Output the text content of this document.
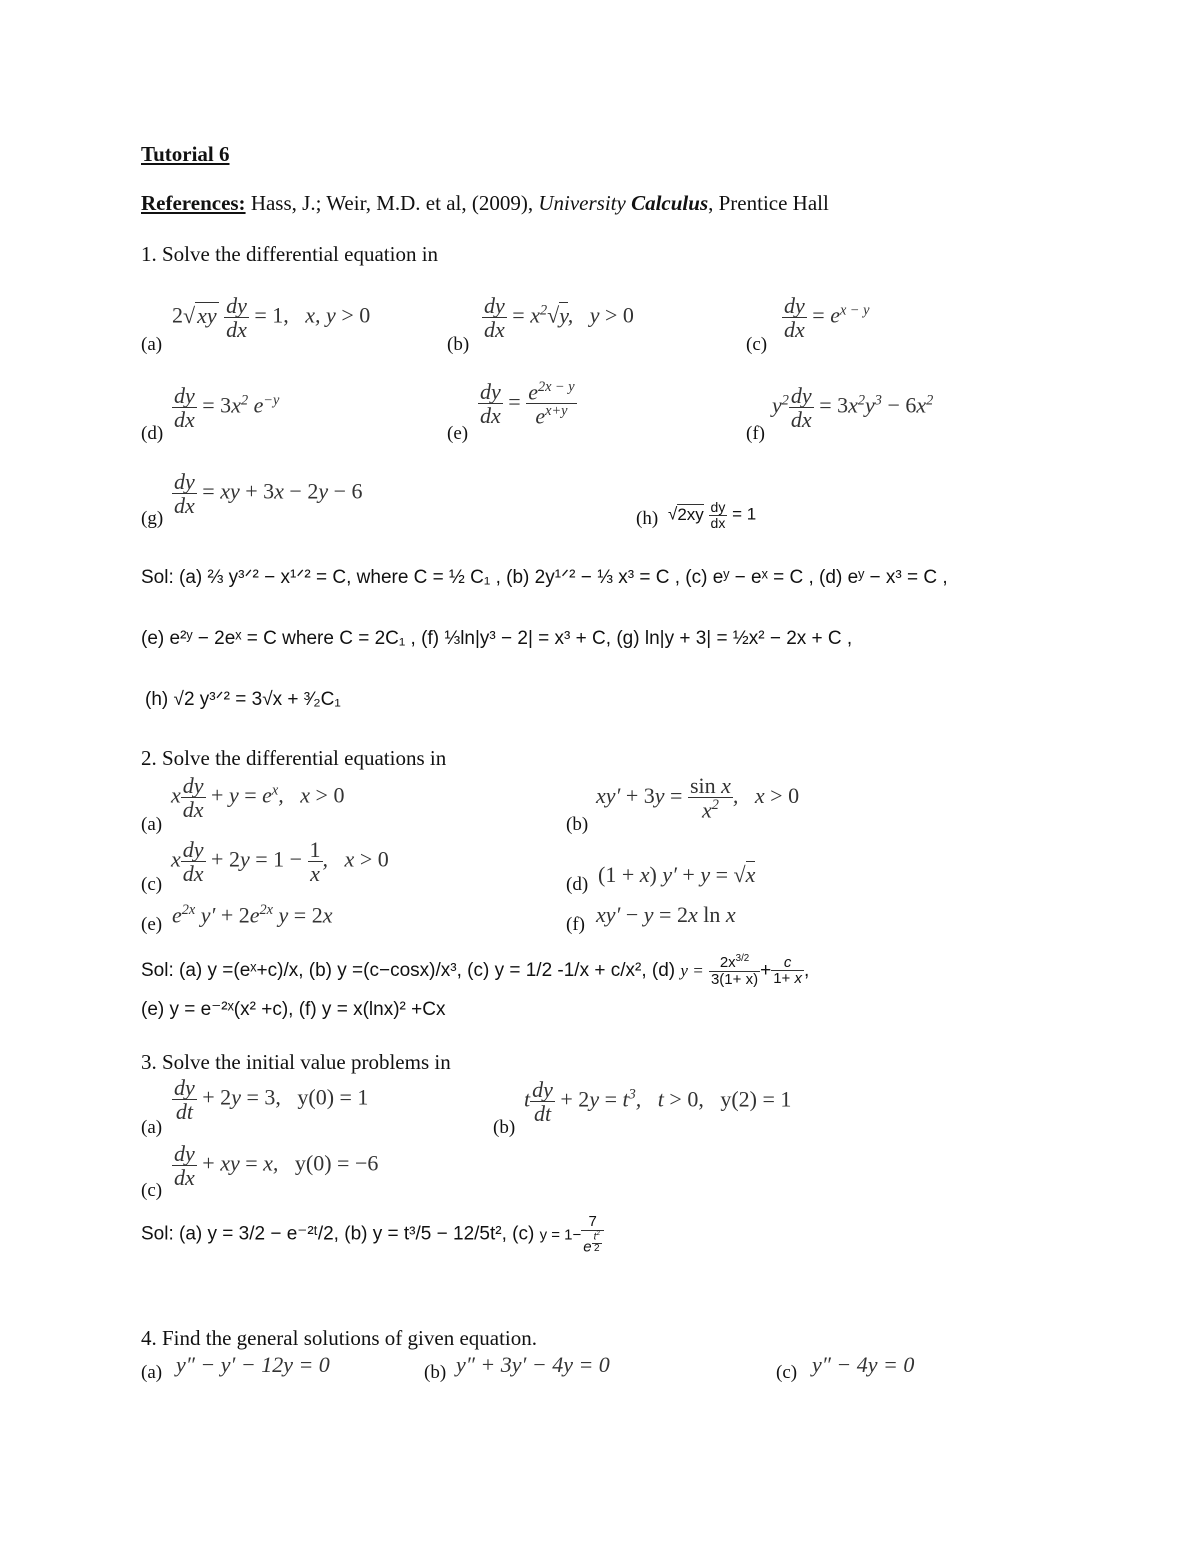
Tutorial 6
References: Hass, J.; Weir, M.D. et al, (2009), University Calculus, Prentice Hall
1. Solve the differential equation in
(a)
$2√xy \frac{dy}{dx} = 1$,   x, y > 0
(b)
$\frac{dy}{dx} = x^2√y$,   y > 0
(c)
$\frac{dy}{dx} = e^{x - y}$
(d)
$\frac{dy}{dx} = 3x^2$ $e^{-y}$
(e)
$\frac{dy}{dx} = \frac{e^{2x - y}}{e^{x+y}}$
(f)
$y^2 \frac{dy}{dx} = 3x^2y^3 - 6x^2$
(g)
$\frac{dy}{dx}$ = xy + 3x − 2y − 6
(h) $√2xy \frac{dy}{dx} = 1$
Sol: (a) ⅔ y³ᐟ² − x¹ᐟ² = C, where C = ½ C₁ , (b) 2y¹ᐟ² − ⅓ x³ = C , (c) eʸ − eˣ = C , (d) eʸ − x³ = C ,
(e) e²ʸ − 2eˣ = C where C = 2C₁ , (f) ⅓ln|y³ − 2| = x³ + C, (g) ln|y + 3| = ½x² − 2x + C ,
(h) √2 y³ᐟ² = 3√x + ³⁄₂C₁
2. Solve the differential equations in
(a)
x $\frac{dy}{dx} + y = e^x$,   x > 0
(b)
$xy' + 3y = \frac{\text{sin x}}{x^2}$ ,   x > 0
(c)
x $\frac{dy}{dx} + 2y = 1 - \frac{1}{x}$ ,   x > 0
(d) (1 + x) y′ + y = √x
(e) $e^{2x}$ $y' + 2e^{2x}$ y = 2x	(f) xy′ − y = 2x ln x
Sol: (a) y =(eˣ+c)/x, (b) y =(c−cosx)/x³, (c) y = 1/2 -1/x + c/x², (d) $y = \frac{2x^{3/2}}{3(1+ x)} + \frac{c}{1+ x}$ ,
(e) y = e⁻²ˣ(x² +c), (f) y = x(lnx)² +Cx
3. Solve the initial value problems in
(a)
$\frac{dy}{dt} + 2y = 3$, y(0) = 1
(b)
t $\frac{dy}{dt} + 2y = t^3$,   t > 0, y(2) = 1
(c)
$\frac{dy}{dx}$ + xy = x,   y(0) = −6
Sol: (a) y = 3/2 − e⁻²ᵗ/2, (b) y = t³/5 − 12/5t², (c) y = 1− 7
e $^{\frac{t^2}{2}}$
4. Find the general solutions of given equation.
(a) y″ − y′ − 12y = 0	(b) y″ + 3y′ − 4y = 0	(c) y″ − 4y = 0
